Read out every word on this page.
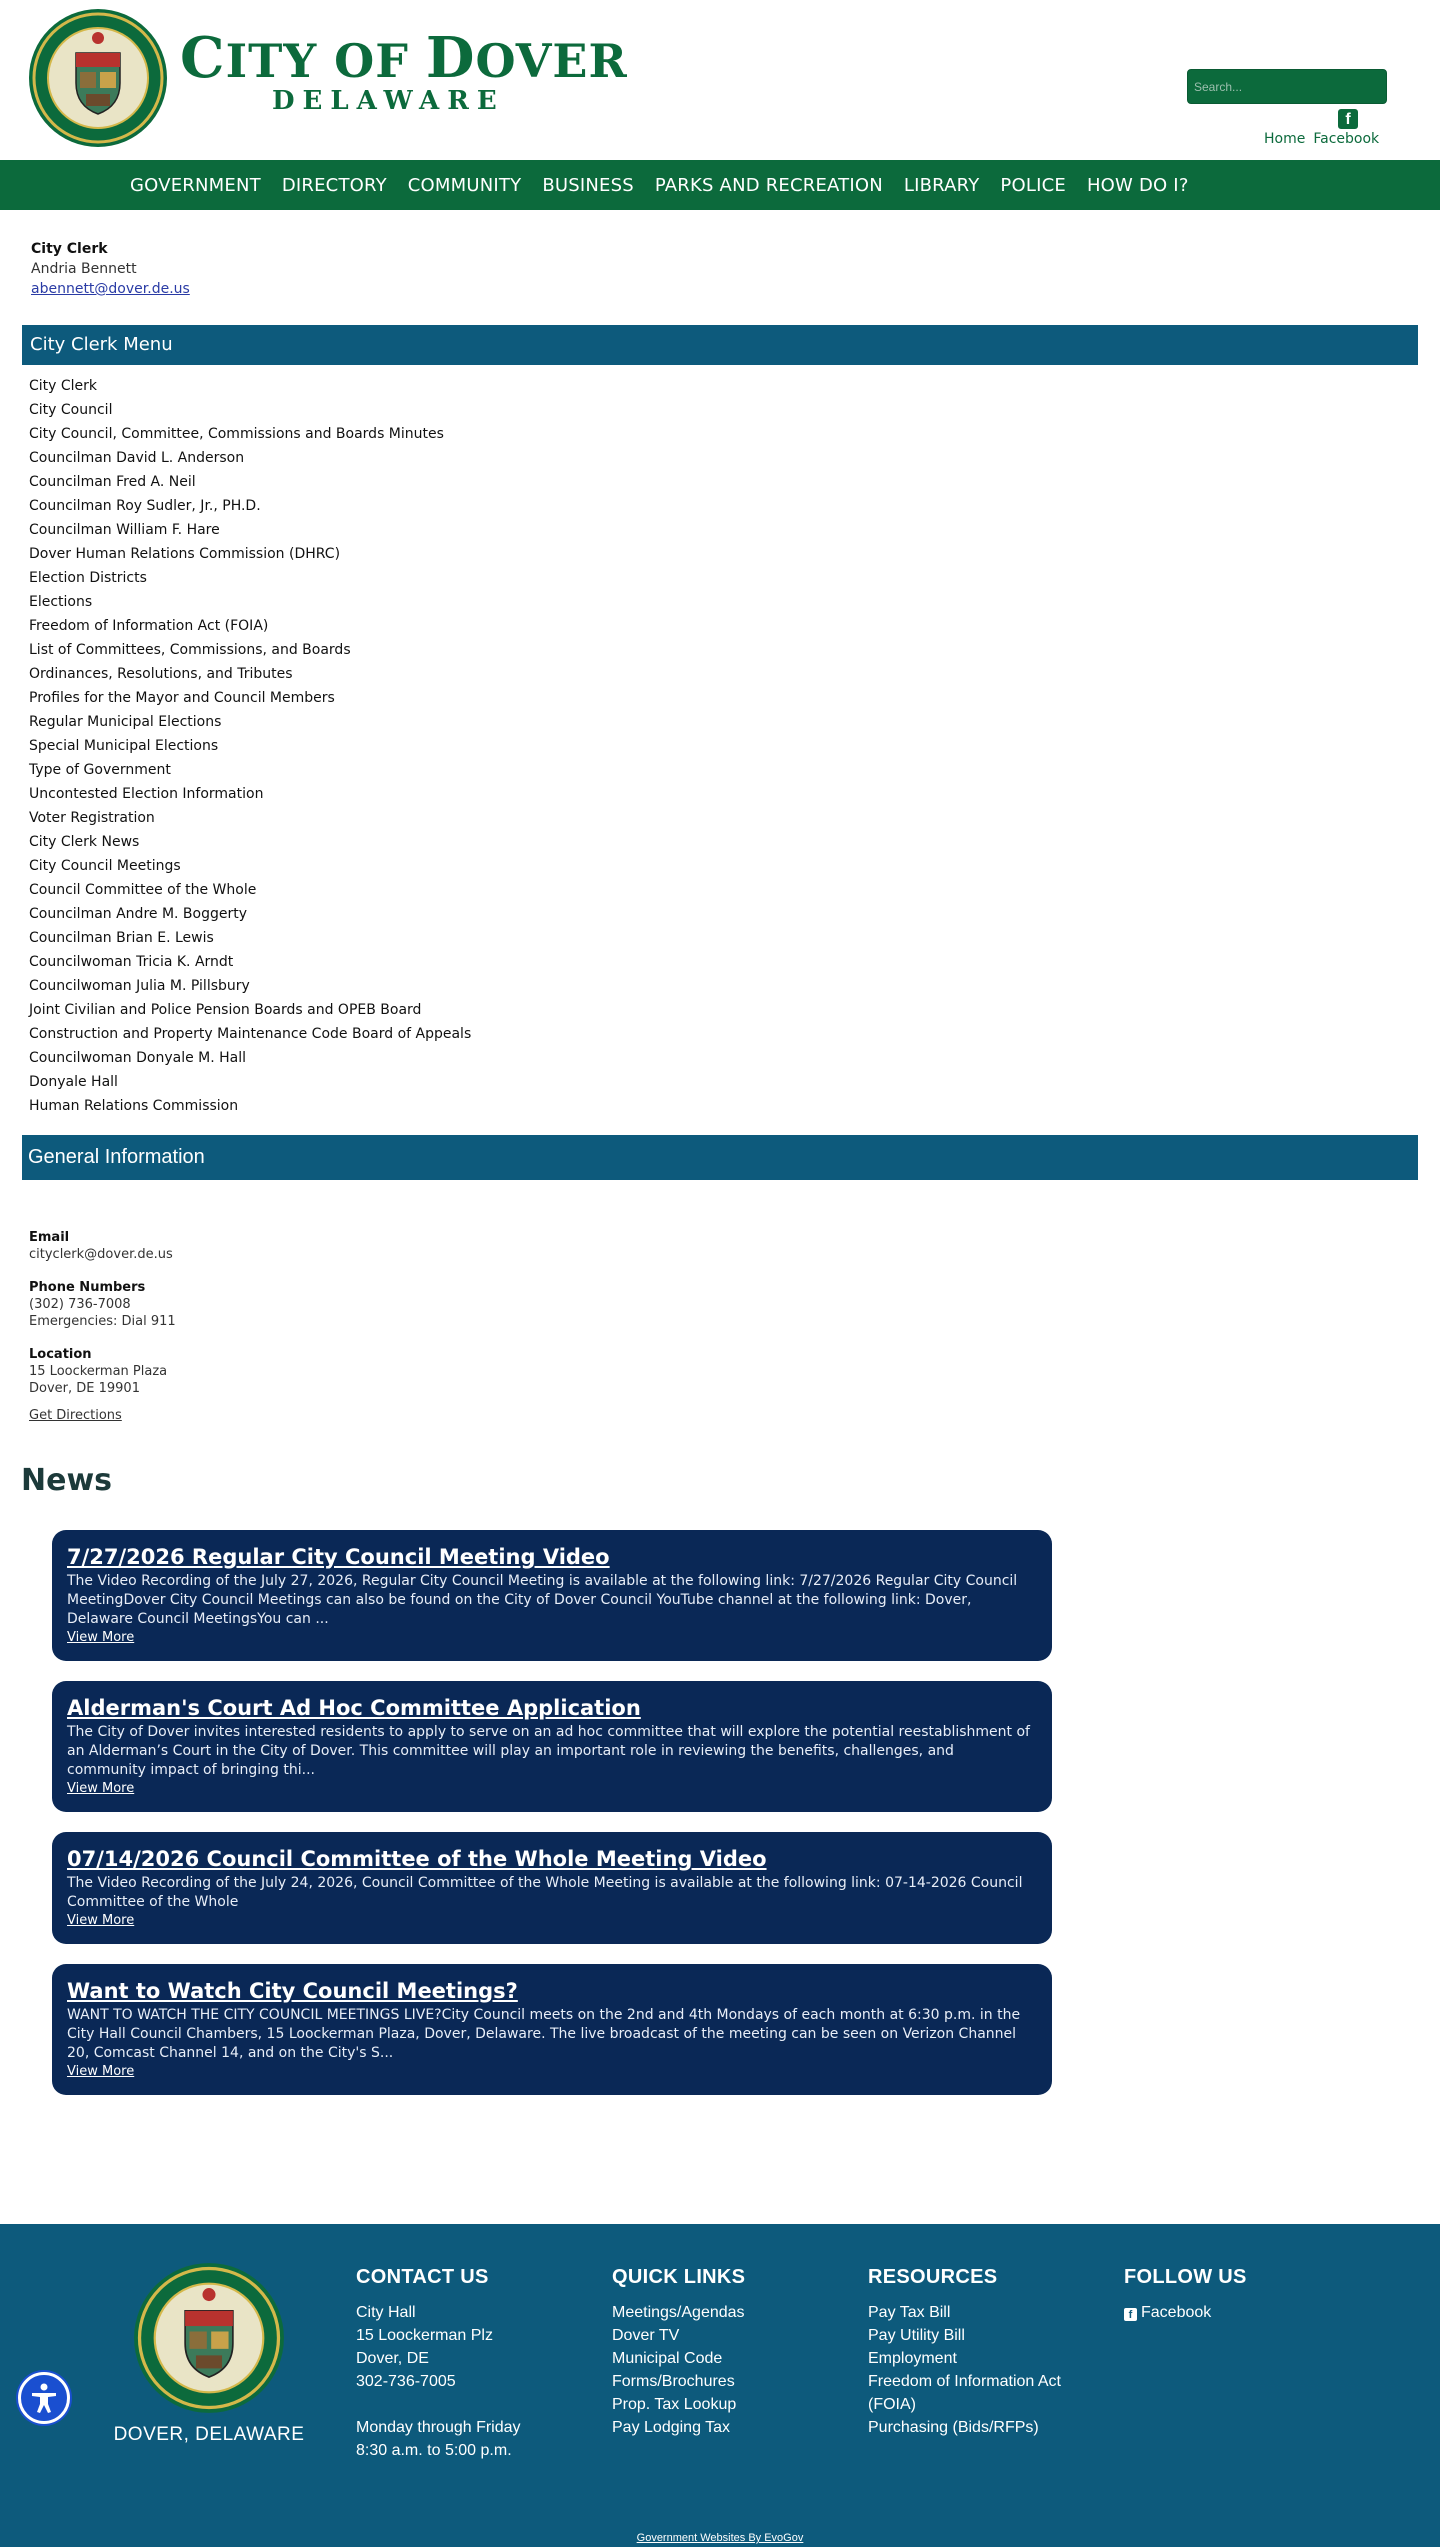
CITY OF DOVER
DELAWARE
Search...
f
Home Facebook
GOVERNMENT DIRECTORY COMMUNITY BUSINESS PARKS AND RECREATION LIBRARY POLICE HOW DO I?
City Clerk
Andria Bennett
abennett@dover.de.us
City Clerk Menu
City Clerk
City Council
City Council, Committee, Commissions and Boards Minutes
Councilman David L. Anderson
Councilman Fred A. Neil
Councilman Roy Sudler, Jr., PH.D.
Councilman William F. Hare
Dover Human Relations Commission (DHRC)
Election Districts
Elections
Freedom of Information Act (FOIA)
List of Committees, Commissions, and Boards
Ordinances, Resolutions, and Tributes
Profiles for the Mayor and Council Members
Regular Municipal Elections
Special Municipal Elections
Type of Government
Uncontested Election Information
Voter Registration
City Clerk News
City Council Meetings
Council Committee of the Whole
Councilman Andre M. Boggerty
Councilman Brian E. Lewis
Councilwoman Tricia K. Arndt
Councilwoman Julia M. Pillsbury
Joint Civilian and Police Pension Boards and OPEB Board
Construction and Property Maintenance Code Board of Appeals
Councilwoman Donyale M. Hall
Donyale Hall
Human Relations Commission
General Information
Email
cityclerk@dover.de.us
Phone Numbers
(302) 736-7008
Emergencies: Dial 911
Location
15 Loockerman Plaza
Dover, DE 19901
Get Directions
News
7/27/2026 Regular City Council Meeting Video
The Video Recording of the July 27, 2026, Regular City Council Meeting is available at the following link: 7/27/2026 Regular City Council MeetingDover City Council Meetings can also be found on the City of Dover Council YouTube channel at the following link: Dover, Delaware Council MeetingsYou can ...
View More
Alderman's Court Ad Hoc Committee Application
The City of Dover invites interested residents to apply to serve on an ad hoc committee that will explore the potential reestablishment of an Alderman’s Court in the City of Dover. This committee will play an important role in reviewing the benefits, challenges, and community impact of bringing thi...
View More
07/14/2026 Council Committee of the Whole Meeting Video
The Video Recording of the July 24, 2026, Council Committee of the Whole Meeting is available at the following link: 07-14-2026 Council Committee of the Whole
View More
Want to Watch City Council Meetings?
WANT TO WATCH THE CITY COUNCIL MEETINGS LIVE?City Council meets on the 2nd and 4th Mondays of each month at 6:30 p.m. in the City Hall Council Chambers, 15 Loockerman Plaza, Dover, Delaware. The live broadcast of the meeting can be seen on Verizon Channel 20, Comcast Channel 14, and on the City's S...
View More
DOVER, DELAWARE
CONTACT US
City Hall
15 Loockerman Plz
Dover, DE
302-736-7005
Monday through Friday
8:30 a.m. to 5:00 p.m.
QUICK LINKS
Meetings/Agendas
Dover TV
Municipal Code
Forms/Brochures
Prop. Tax Lookup
Pay Lodging Tax
RESOURCES
Pay Tax Bill
Pay Utility Bill
Employment
Freedom of Information Act
(FOIA)
Purchasing (Bids/RFPs)
FOLLOW US
f Facebook
Government Websites By EvoGov
